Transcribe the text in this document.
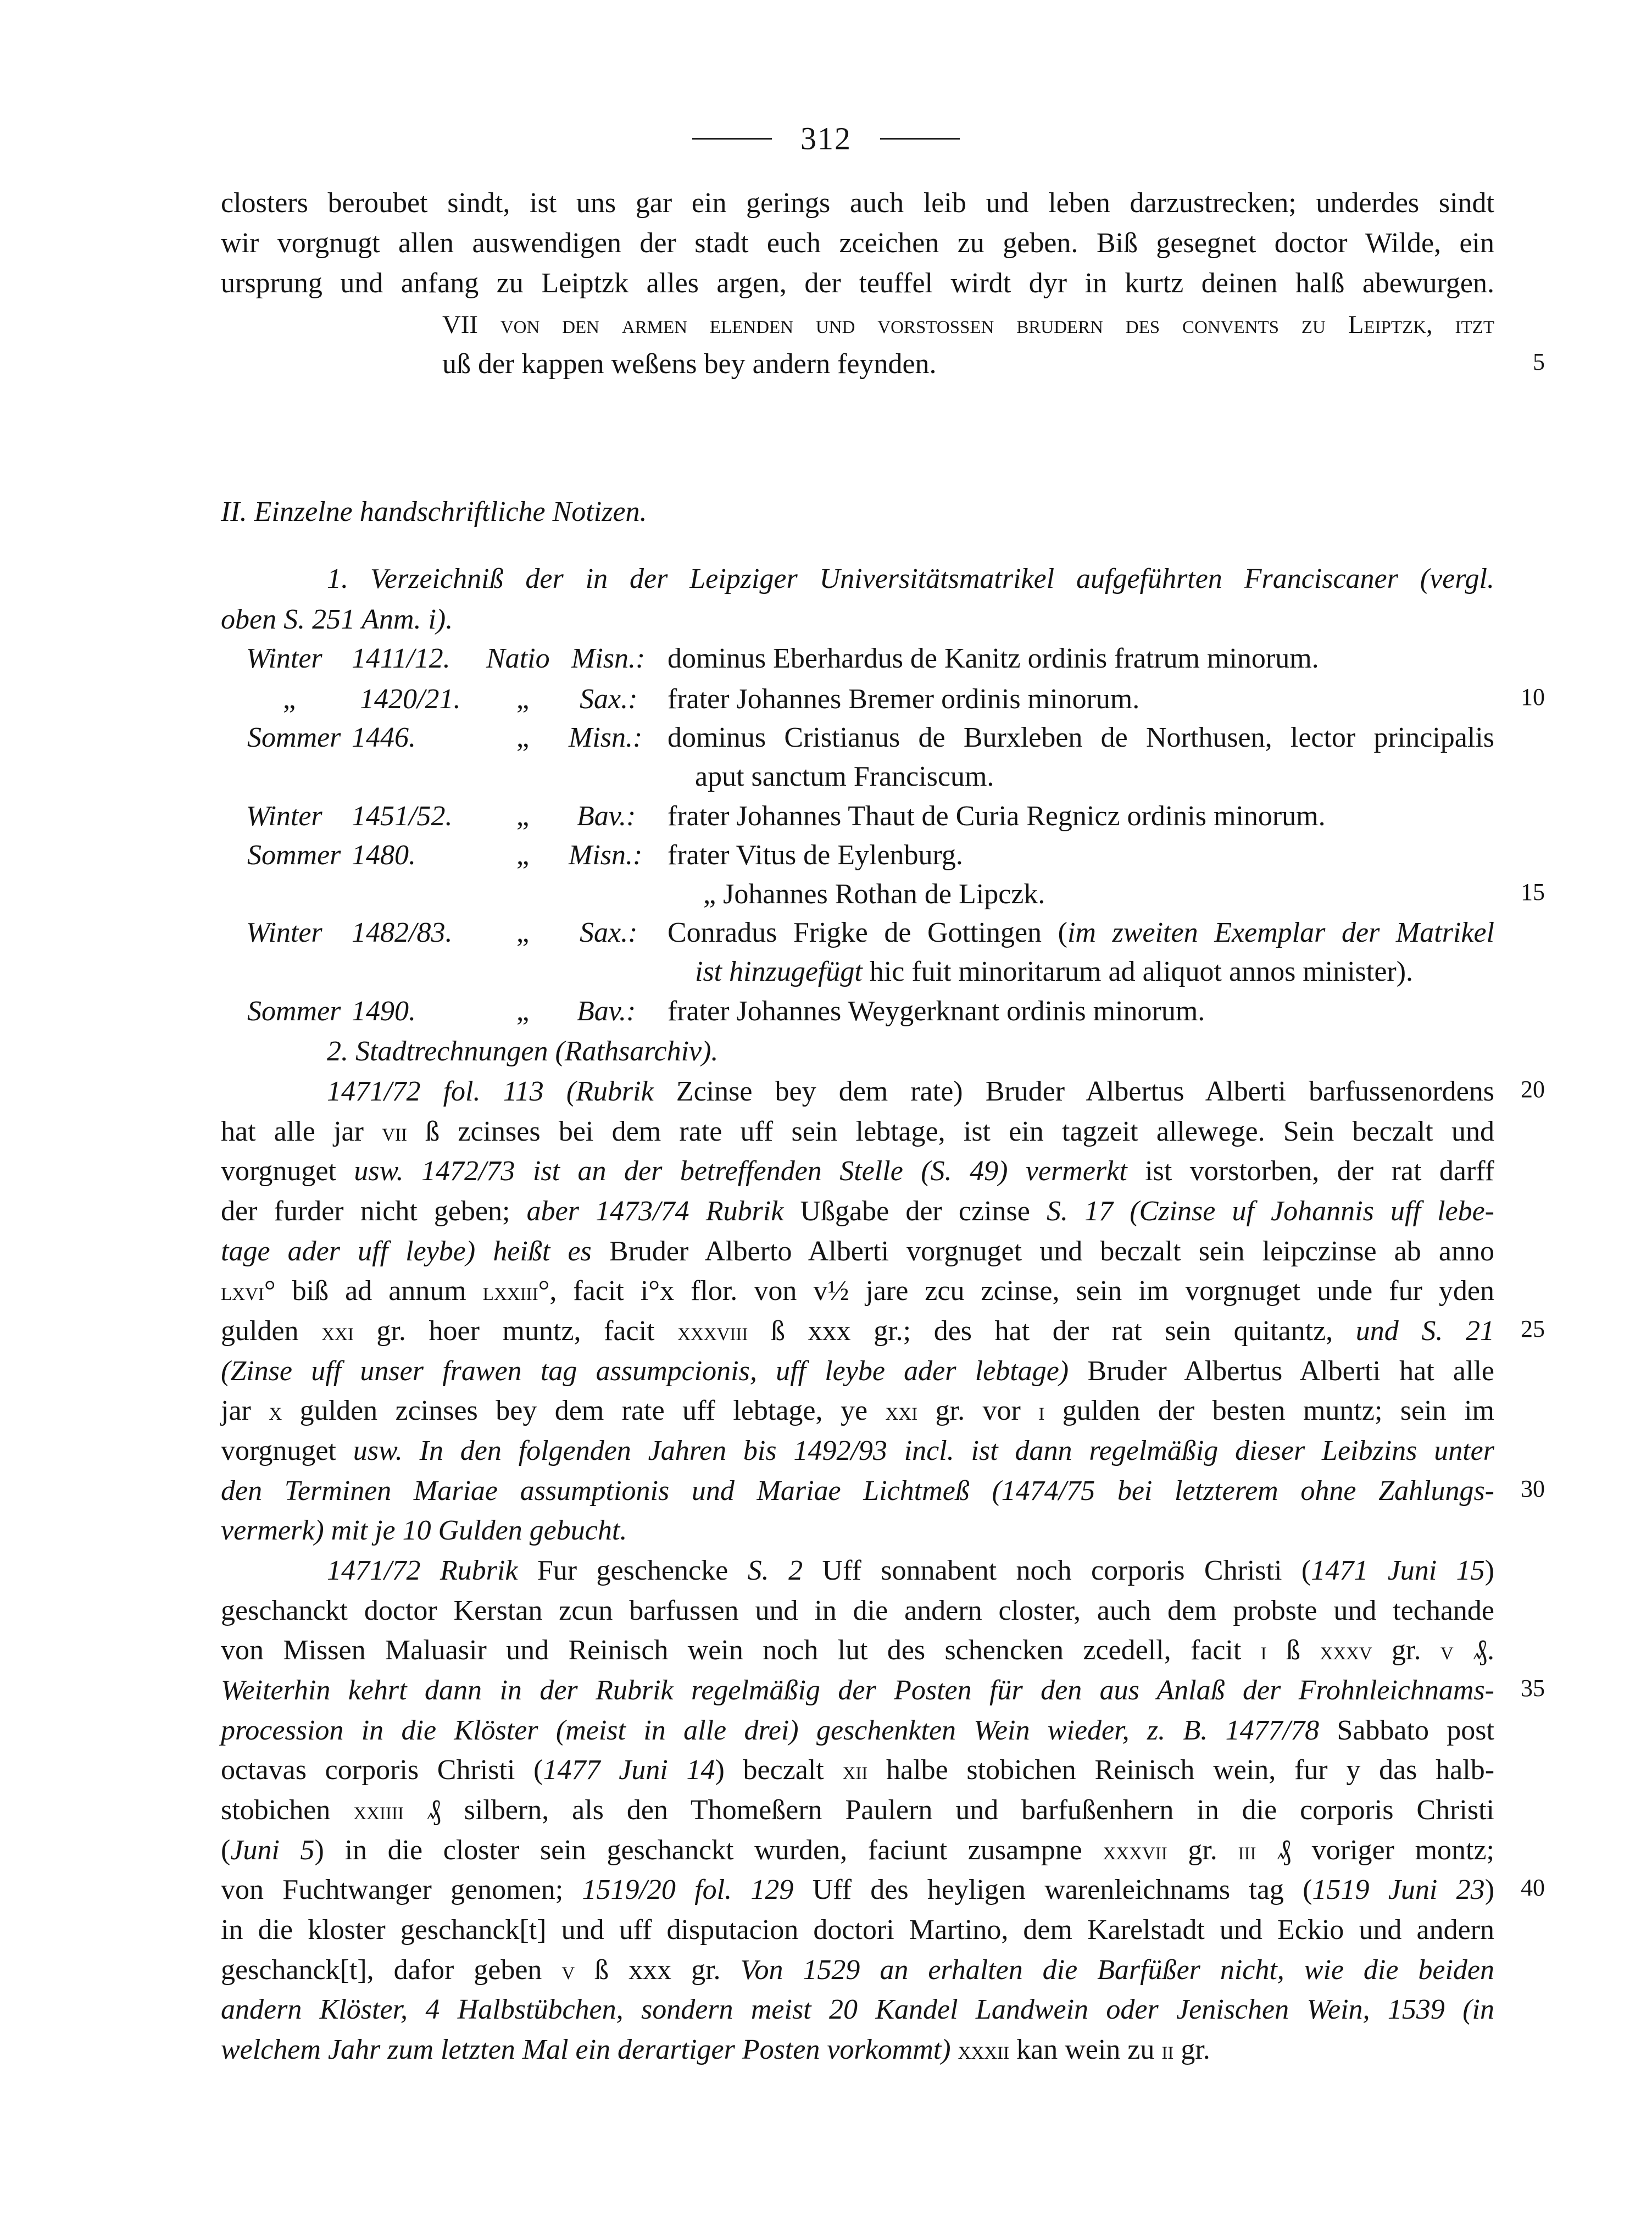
312
closters beroubet sindt, ist uns gar ein gerings auch leib und leben darzustrecken; underdes sindt
wir vorgnugt allen auswendigen der stadt euch zceichen zu geben. Biß gesegnet doctor Wilde, ein
ursprung und anfang zu Leiptzk alles argen, der teuffel wirdt dyr in kurtz deinen halß abewurgen.
VII von den armen elenden und vorstoßen brudern des convents zu Leiptzk, itzt
uß der kappen weßens bey andern feynden.	5
II. Einzelne handschriftliche Notizen.
1. Verzeichniß der in der Leipziger Universitätsmatrikel aufgeführten Franciscaner (vergl.
oben S. 251 Anm. i).
Winter 1411/12. Natio Misn.: dominus Eberhardus de Kanitz ordinis fratrum minorum.
„ 1420/21. „ Sax.: frater Johannes Bremer ordinis minorum.	10
Sommer 1446.	„ Misn.: dominus Cristianus de Burxleben de Northusen, lector principalis
aput sanctum Franciscum.
Winter 1451/52. „ Bav.: frater Johannes Thaut de Curia Regnicz ordinis minorum.
Sommer 1480.	„ Misn.: frater Vitus de Eylenburg.
„ Johannes Rothan de Lipczk.	15
Winter 1482/83. „ Sax.: Conradus Frigke de Gottingen (im zweiten Exemplar der Matrikel
ist hinzugefügt hic fuit minoritarum ad aliquot annos minister).
Sommer 1490.	„ Bav.: frater Johannes Weygerknant ordinis minorum.
2. Stadtrechnungen (Rathsarchiv).
1471/72 fol. 113 (Rubrik Zcinse bey dem rate) Bruder Albertus Alberti barfussenordens	20
hat alle jar vii ß zcinses bei dem rate uff sein lebtage, ist ein tagzeit allewege. Sein beczalt und
vorgnuget usw. 1472/73 ist an der betreffenden Stelle (S. 49) vermerkt ist vorstorben, der rat darff
der furder nicht geben; aber 1473/74 Rubrik Ußgabe der czinse S. 17 (Czinse uf Johannis uff lebe-
tage ader uff leybe) heißt es Bruder Alberto Alberti vorgnuget und beczalt sein leipczinse ab anno
lxvi° biß ad annum lxxiii°, facit i°x flor. von v½ jare zcu zcinse, sein im vorgnuget unde fur yden
25
gulden xxi gr. hoer muntz, facit xxxviii ß xxx gr.; des hat der rat sein quitantz, und S. 21
(Zinse uff unser frawen tag assumpcionis, uff leybe ader lebtage) Bruder Albertus Alberti hat alle
jar x gulden zcinses bey dem rate uff lebtage, ye xxi gr. vor i gulden der besten muntz; sein im
vorgnuget usw. In den folgenden Jahren bis 1492/93 incl. ist dann regelmäßig dieser Leibzins unter
den Terminen Mariae assumptionis und Mariae Lichtmeß (1474/75 bei letzterem ohne Zahlungs-	30
vermerk) mit je 10 Gulden gebucht.
1471/72 Rubrik Fur geschencke S. 2 Uff sonnabent noch corporis Christi (1471 Juni 15)
geschanckt doctor Kerstan zcun barfussen und in die andern closter, auch dem probste und techande
von Missen Maluasir und Reinisch wein noch lut des schencken zcedell, facit i ß xxxv gr. v ₰.
Weiterhin kehrt dann in der Rubrik regelmäßig der Posten für den aus Anlaß der Frohnleichnams-	35
procession in die Klöster (meist in alle drei) geschenkten Wein wieder, z. B. 1477/78 Sabbato post
octavas corporis Christi (1477 Juni 14) beczalt xii halbe stobichen Reinisch wein, fur y das halb-
stobichen xxiiii ₰ silbern, als den Thomeßern Paulern und barfußenhern in die corporis Christi
(Juni 5) in die closter sein geschanckt wurden, faciunt zusampne xxxvii gr. iii ₰ voriger montz;
von Fuchtwanger genomen; 1519/20 fol. 129 Uff des heyligen warenleichnams tag (1519 Juni 23)	40
in die kloster geschanck[t] und uff disputacion doctori Martino, dem Karelstadt und Eckio und andern
geschanck[t], dafor geben v ß xxx gr. Von 1529 an erhalten die Barfüßer nicht, wie die beiden
andern Klöster, 4 Halbstübchen, sondern meist 20 Kandel Landwein oder Jenischen Wein, 1539 (in
welchem Jahr zum letzten Mal ein derartiger Posten vorkommt) xxxii kan wein zu ii gr.
